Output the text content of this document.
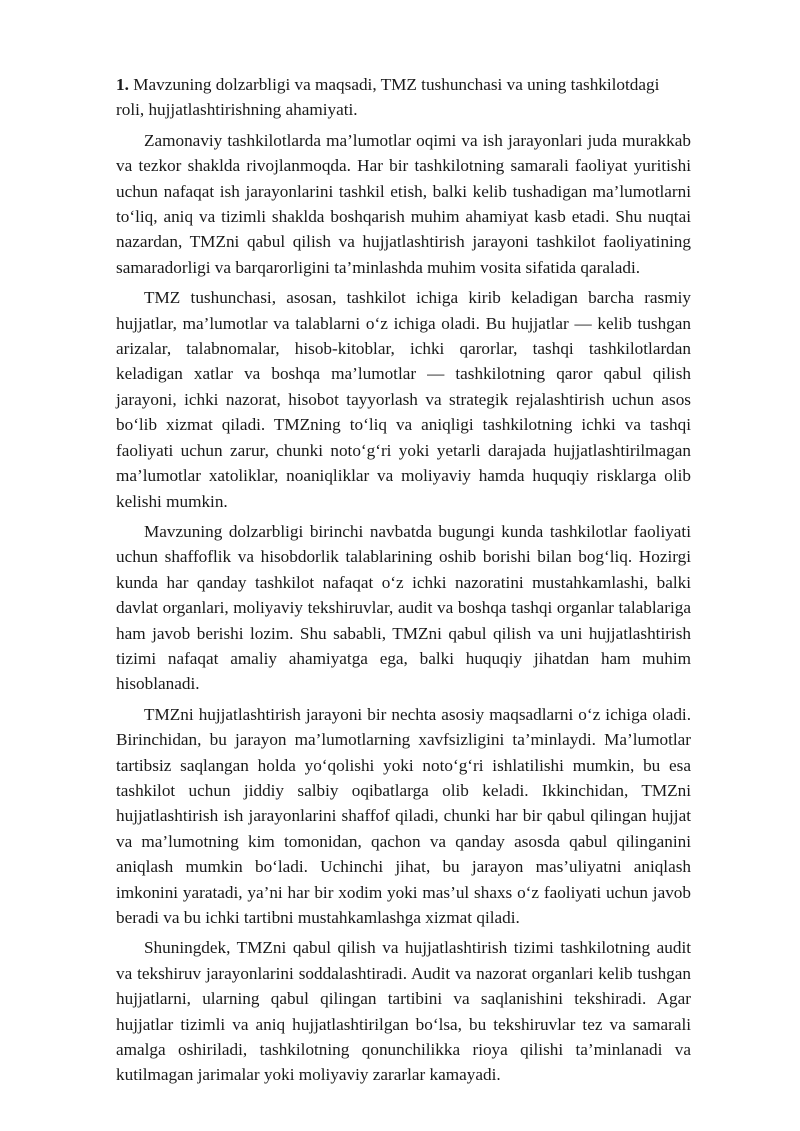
1. Mavzuning dolzarbligi va maqsadi, TMZ tushunchasi va uning tashkilotdagi
roli, hujjatlashtirishning ahamiyati.

Zamonaviy tashkilotlarda ma’lumotlar oqimi va ish jarayonlari juda murakkab va tezkor shaklda rivojlanmoqda. Har bir tashkilotning samarali faoliyat yuritishi uchun nafaqat ish jarayonlarini tashkil etish, balki kelib tushadigan ma’lumotlarni to‘liq, aniq va tizimli shaklda boshqarish muhim ahamiyat kasb etadi. Shu nuqtai nazardan, TMZni qabul qilish va hujjatlashtirish jarayoni tashkilot faoliyatining samaradorligi va barqarorligini ta’minlashda muhim vosita sifatida qaraladi.

TMZ tushunchasi, asosan, tashkilot ichiga kirib keladigan barcha rasmiy hujjatlar, ma’lumotlar va talablarni o‘z ichiga oladi. Bu hujjatlar — kelib tushgan arizalar, talabnomalar, hisob-kitoblar, ichki qarorlar, tashqi tashkilotlardan keladigan xatlar va boshqa ma’lumotlar — tashkilotning qaror qabul qilish jarayoni, ichki nazorat, hisobot tayyorlash va strategik rejalashtirish uchun asos bo‘lib xizmat qiladi. TMZning to‘liq va aniqligi tashkilotning ichki va tashqi faoliyati uchun zarur, chunki noto‘g‘ri yoki yetarli darajada hujjatlashtirilmagan ma’lumotlar xatoliklar, noaniqliklar va moliyaviy hamda huquqiy risklarga olib kelishi mumkin.

Mavzuning dolzarbligi birinchi navbatda bugungi kunda tashkilotlar faoliyati uchun shaffoflik va hisobdorlik talablarining oshib borishi bilan bog‘liq. Hozirgi kunda har qanday tashkilot nafaqat o‘z ichki nazoratini mustahkamlashi, balki davlat organlari, moliyaviy tekshiruvlar, audit va boshqa tashqi organlar talablariga ham javob berishi lozim. Shu sababli, TMZni qabul qilish va uni hujjatlashtirish tizimi nafaqat amaliy ahamiyatga ega, balki huquqiy jihatdan ham muhim hisoblanadi.

TMZni hujjatlashtirish jarayoni bir nechta asosiy maqsadlarni o‘z ichiga oladi. Birinchidan, bu jarayon ma’lumotlarning xavfsizligini ta’minlaydi. Ma’lumotlar tartibsiz saqlangan holda yo‘qolishi yoki noto‘g‘ri ishlatilishi mumkin, bu esa tashkilot uchun jiddiy salbiy oqibatlarga olib keladi. Ikkinchidan, TMZni hujjatlashtirish ish jarayonlarini shaffof qiladi, chunki har bir qabul qilingan hujjat va ma’lumotning kim tomonidan, qachon va qanday asosda qabul qilinganini aniqlash mumkin bo‘ladi. Uchinchi jihat, bu jarayon mas’uliyatni aniqlash imkonini yaratadi, ya’ni har bir xodim yoki mas’ul shaxs o‘z faoliyati uchun javob beradi va bu ichki tartibni mustahkamlashga xizmat qiladi.

Shuningdek, TMZni qabul qilish va hujjatlashtirish tizimi tashkilotning audit va tekshiruv jarayonlarini soddalashtiradi. Audit va nazorat organlari kelib tushgan hujjatlarni, ularning qabul qilingan tartibini va saqlanishini tekshiradi. Agar hujjatlar tizimli va aniq hujjatlashtirilgan bo‘lsa, bu tekshiruvlar tez va samarali amalga oshiriladi, tashkilotning qonunchilikka rioya qilishi ta’minlanadi va kutilmagan jarimalar yoki moliyaviy zararlar kamayadi.
